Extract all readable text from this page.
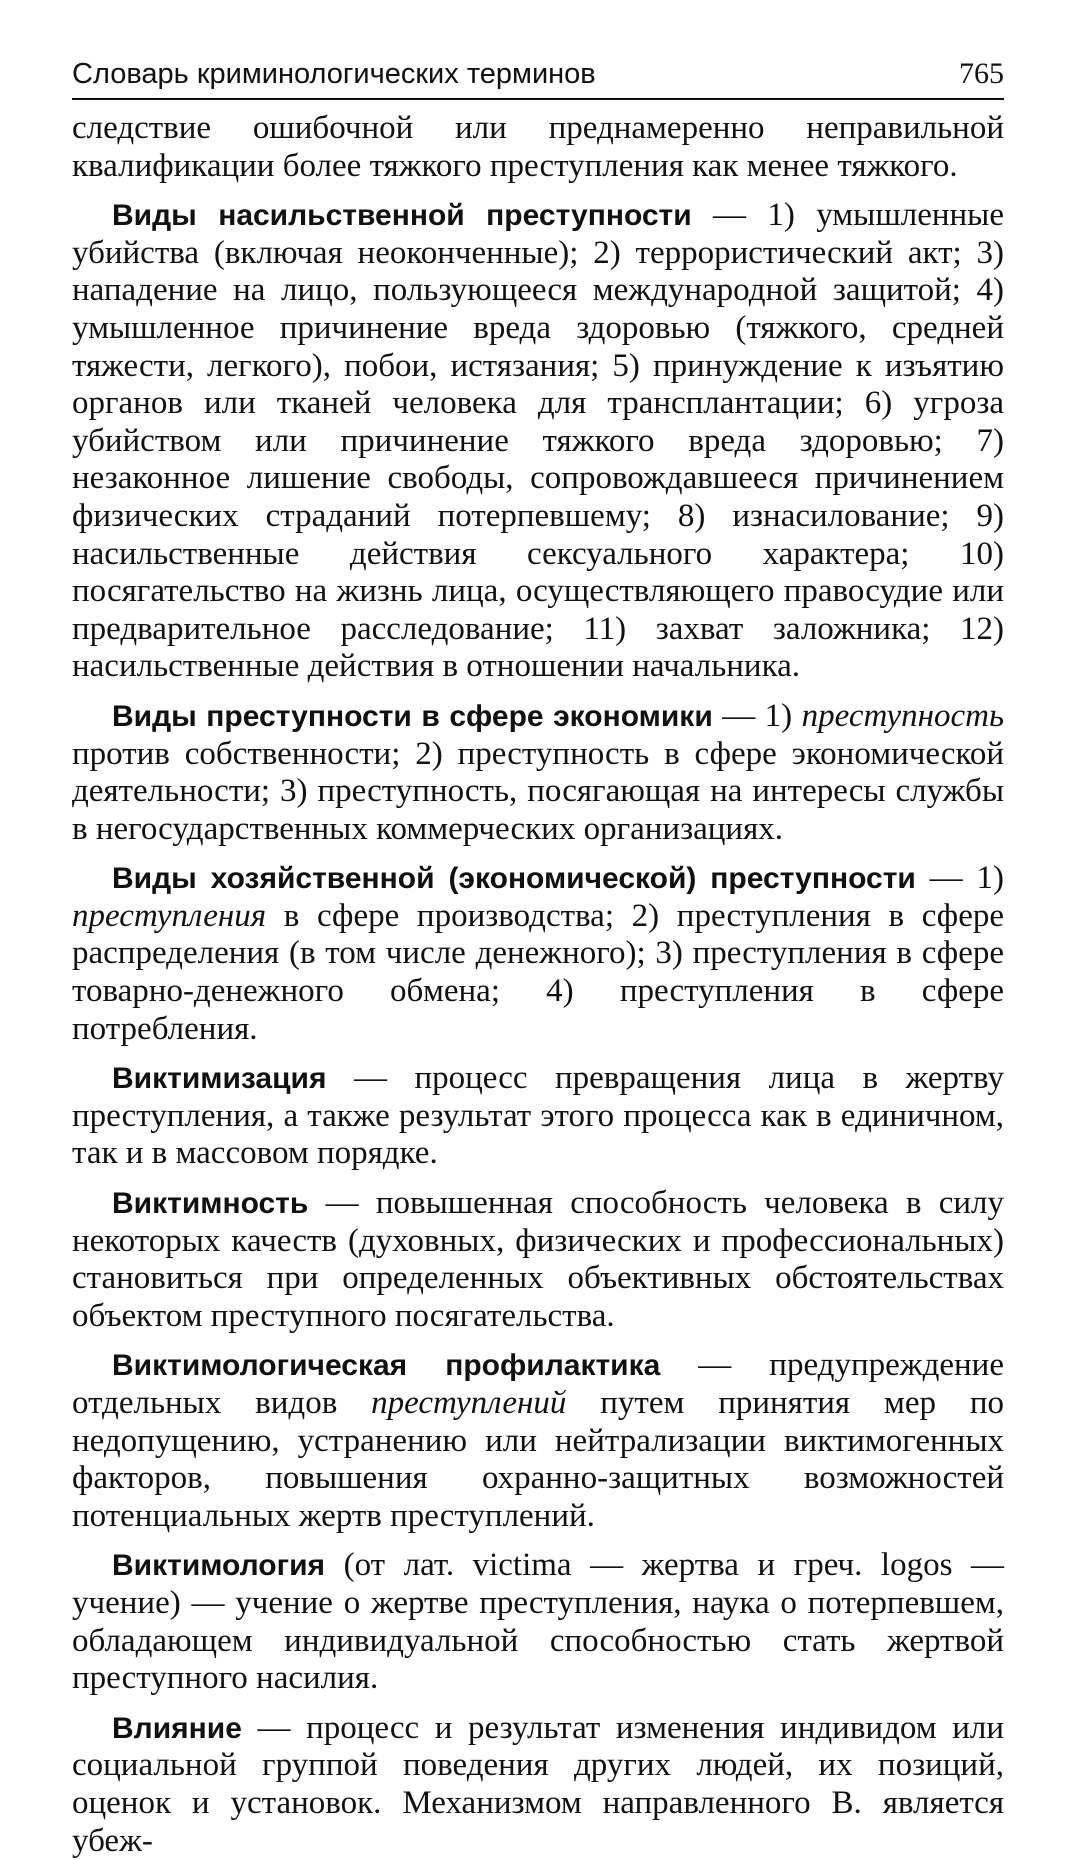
Словарь криминологических терминов	765

следствие ошибочной или преднамеренно неправильной квалификации более тяжкого преступления как менее тяжкого.

Виды насильственной преступности — 1) умышленные убийства (включая неоконченные); 2) террористический акт; 3) нападение на лицо, пользующееся международной защитой; 4) умышленное причинение вреда здоровью (тяжкого, средней тяжести, легкого), побои, истязания; 5) принуждение к изъятию органов или тканей человека для трансплантации; 6) угроза убийством или причинение тяжкого вреда здоровью; 7) незаконное лишение свободы, сопровождавшееся причинением физических страданий потерпевшему; 8) изнасилование; 9) насильственные действия сексуального характера; 10) посягательство на жизнь лица, осуществляющего правосудие или предварительное расследование; 11) захват заложника; 12) насильственные действия в отношении начальника.

Виды преступности в сфере экономики — 1) преступность против собственности; 2) преступность в сфере экономической деятельности; 3) преступность, посягающая на интересы службы в негосударственных коммерческих организациях.

Виды хозяйственной (экономической) преступности — 1) преступления в сфере производства; 2) преступления в сфере распределения (в том числе денежного); 3) преступления в сфере товарно-денежного обмена; 4) преступления в сфере потребления.

Виктимизация — процесс превращения лица в жертву преступления, а также результат этого процесса как в единичном, так и в массовом порядке.

Виктимность — повышенная способность человека в силу некоторых качеств (духовных, физических и профессиональных) становиться при определенных объективных обстоятельствах объектом преступного посягательства.

Виктимологическая профилактика — предупреждение отдельных видов преступлений путем принятия мер по недопущению, устранению или нейтрализации виктимогенных факторов, повышения охранно-защитных возможностей потенциальных жертв преступлений.

Виктимология (от лат. victima — жертва и греч. logos — учение) — учение о жертве преступления, наука о потерпевшем, обладающем индивидуальной способностью стать жертвой преступного насилия.

Влияние — процесс и результат изменения индивидом или социальной группой поведения других людей, их позиций, оценок и установок. Механизмом направленного В. является убеж-
